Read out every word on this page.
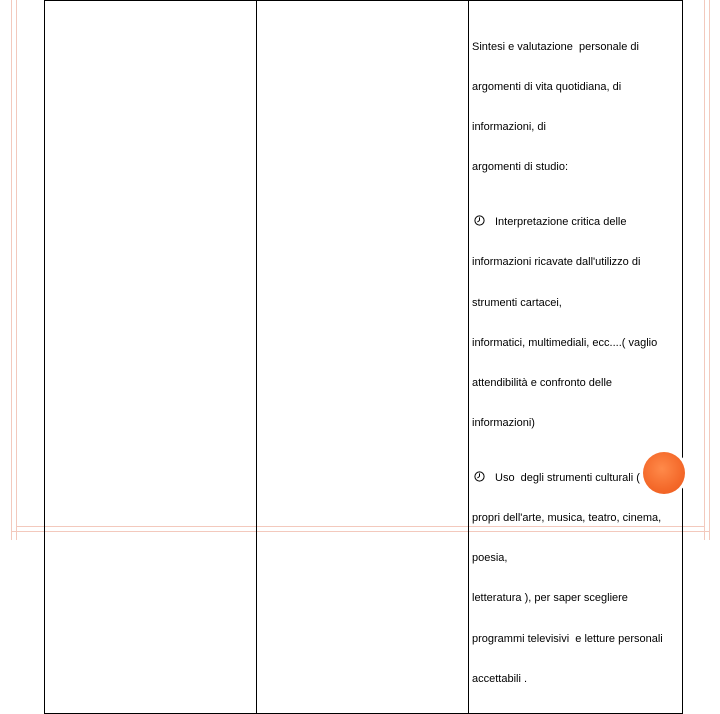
Sintesi e valutazione  personale di

argomenti di vita quotidiana, di

informazioni, di

argomenti di studio:

Interpretazione critica delle

informazioni ricavate dall'utilizzo di

strumenti cartacei,

informatici, multimediali, ecc....( vaglio

attendibilità e confronto delle

informazioni)

Uso  degli strumenti culturali (

propri dell'arte, musica, teatro, cinema,

poesia,

letteratura ), per saper scegliere

programmi televisivi  e letture personali

accettabili .
